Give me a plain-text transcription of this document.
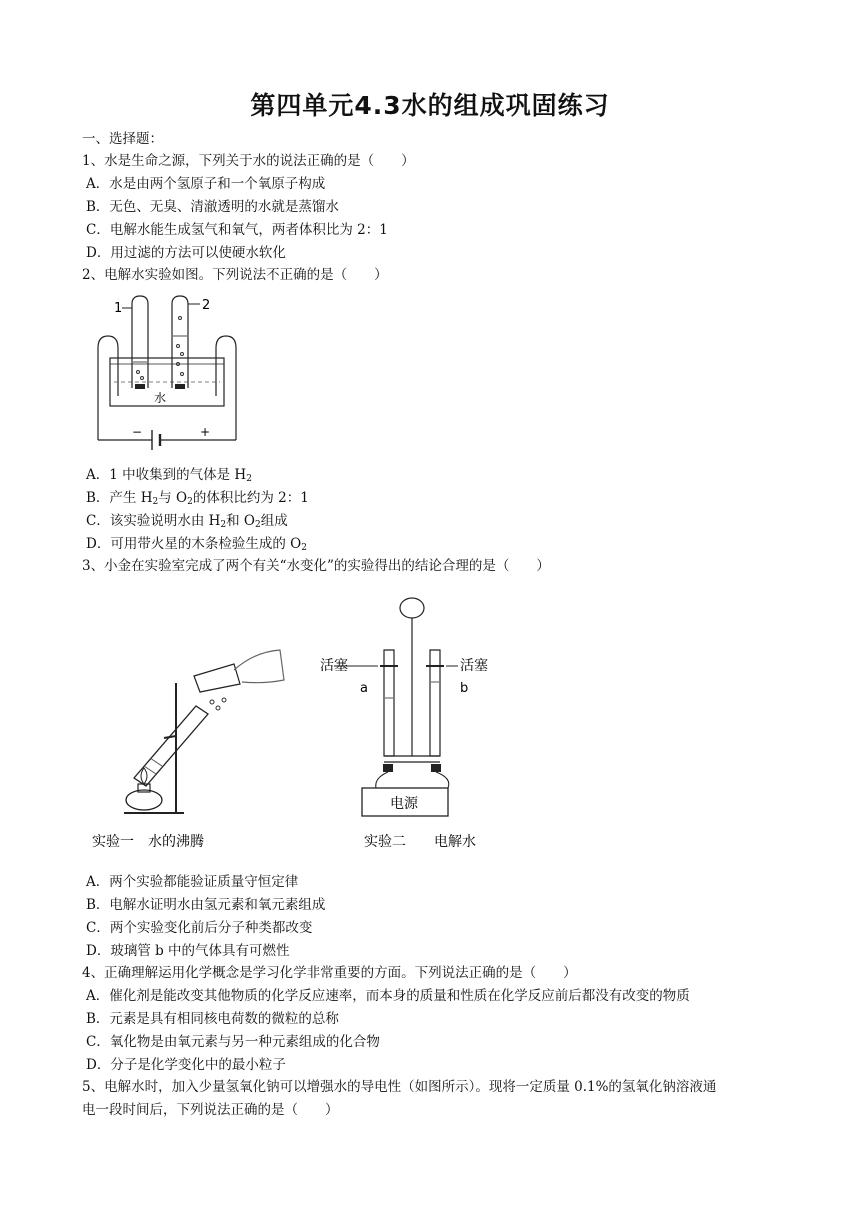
第四单元4.3水的组成巩固练习
一、选择题：
1、水是生命之源，下列关于水的说法正确的是（　　）
A．水是由两个氢原子和一个氧原子构成
B．无色、无臭、清澈透明的水就是蒸馏水
C．电解水能生成氢气和氧气，两者体积比为 2：1
D．用过滤的方法可以使硬水软化
2、电解水实验如图。下列说法不正确的是（　　）
1	2
水
−	+
A．1 中收集到的气体是 $H_2$
B．产生 $H_2$与 $O_2$的体积比约为 2：1
C．该实验说明水由 $H_2$和 $O_2$组成
D．可用带火星的木条检验生成的 $O_2$
3、小金在实验室完成了两个有关“水变化”的实验得出的结论合理的是（　　）
实验一　水的沸腾
活塞	活塞
a	b
电源
实验二　　电解水
A．两个实验都能验证质量守恒定律
B．电解水证明水由氢元素和氧元素组成
C．两个实验变化前后分子种类都改变
D．玻璃管 b 中的气体具有可燃性
4、正确理解运用化学概念是学习化学非常重要的方面。下列说法正确的是（　　）
A．催化剂是能改变其他物质的化学反应速率，而本身的质量和性质在化学反应前后都没有改变的物质
B．元素是具有相同核电荷数的微粒的总称
C．氧化物是由氧元素与另一种元素组成的化合物
D．分子是化学变化中的最小粒子
5、电解水时，加入少量氢氧化钠可以增强水的导电性（如图所示）。现将一定质量 0.1%的氢氧化钠溶液通
电一段时间后，下列说法正确的是（　　）
